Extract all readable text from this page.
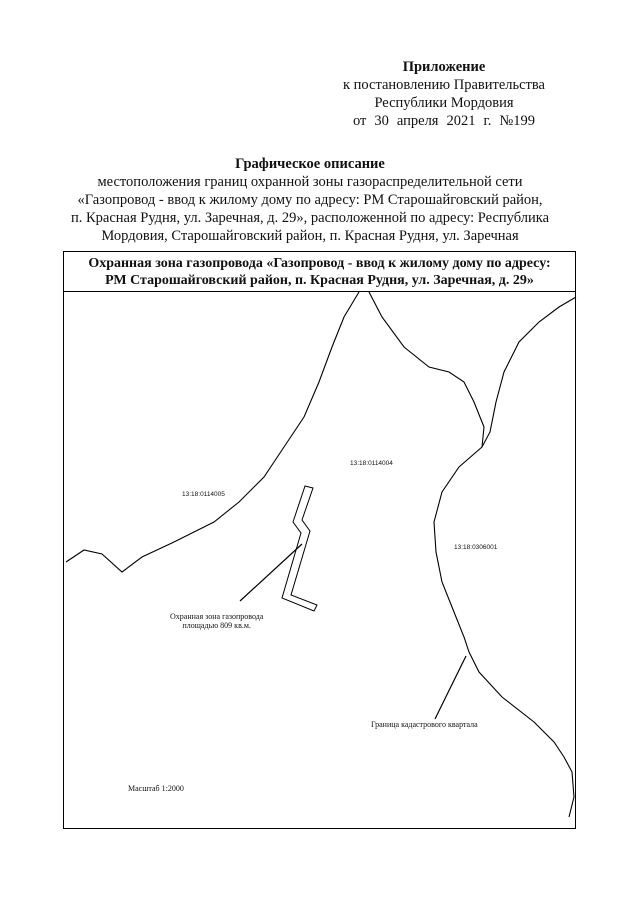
Приложение
к постановлению Правительства
Республики Мордовия
от 30 апреля 2021 г. №199
Графическое описание
местоположения границ охранной зоны газораспределительной сети
«Газопровод - ввод к жилому дому по адресу: РМ Старошайговский район,
п. Красная Рудня, ул. Заречная, д. 29», расположенной по адресу: Республика
Мордовия, Старошайговский район, п. Красная Рудня, ул. Заречная
Охранная зона газопровода «Газопровод - ввод к жилому дому по адресу:
РМ Старошайговский район, п. Красная Рудня, ул. Заречная, д. 29»
13:18:0114004
13:18:0114005
13:18:0306001
Охранная зона газопровода
площадью 809 кв.м.
Граница кадастрового квартала
Масштаб 1:2000
